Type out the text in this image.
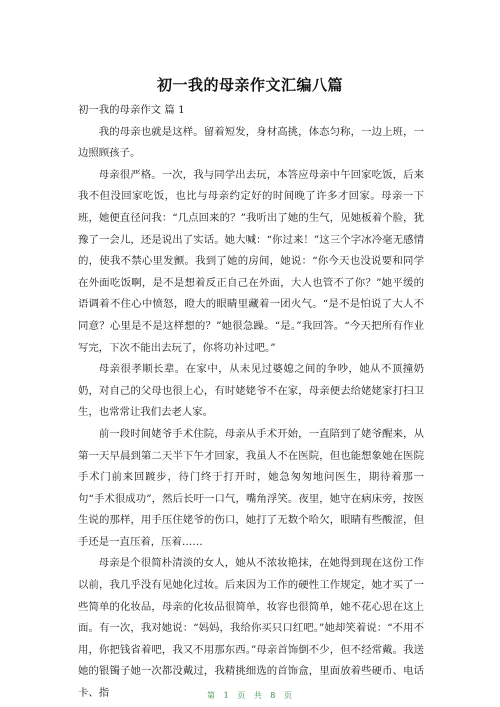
初一我的母亲作文汇编八篇

初一我的母亲作文 篇 1

我的母亲也就是这样。留着短发，身材高挑，体态匀称，一边上班，一边照顾孩子。

母亲很严格。一次，我与同学出去玩，本答应母亲中午回家吃饭，后来我不但没回家吃饭，也比与母亲约定好的时间晚了许多才回家。母亲一下班，她便直径问我：“几点回来的？”我听出了她的生气，见她板着个脸，犹豫了一会儿，还是说出了实话。她大喊：“你过来！”这三个字冰冷毫无感情的，使我不禁心里发颤。我到了她的房间，她说：“你今天也没说要和同学在外面吃饭啊，是不是想着反正自己在外面，大人也管不了你？”她平缓的语调着不住心中愤怒，瞪大的眼睛里藏着一团火气。“是不是怕说了大人不同意？心里是不是这样想的？”她很急躁。“是。”我回答。“今天把所有作业写完，下次不能出去玩了，你将功补过吧。”

母亲很孝顺长辈。在家中，从未见过婆媳之间的争吵，她从不顶撞奶奶，对自己的父母也很上心，有时姥姥爷不在家，母亲便去给姥姥家打扫卫生，也常常让我们去老人家。

前一段时间姥爷手术住院，母亲从手术开始，一直陪到了姥爷醒来，从第一天早晨到第二天半下午才回家，我虽人不在医院，但也能想象她在医院手术门前来回踱步，待门终于打开时，她急匆匆地问医生，期待着那一句“手术很成功”，然后长吁一口气，嘴角浮笑。夜里，她守在病床旁，按医生说的那样，用手压住姥爷的伤口，她打了无数个哈欠，眼睛有些酸涩，但手还是一直压着，压着……

母亲是个很简朴清淡的女人，她从不浓妆艳抹，在她得到现在这份工作以前，我几乎没有见她化过妆。后来因为工作的硬性工作规定，她才买了一些简单的化妆品，母亲的化妆品很简单，妆容也很简单，她不花心思在这上面。有一次，我对她说：“妈妈，我给你买只口红吧。”她却笑着说：“不用不用，你把钱省着吧，我又不用那东西。”母亲首饰倒不少，但不经常戴。我送她的银镯子她一次都没戴过，我精挑细选的首饰盒，里面放着些硬币、电话卡、指	第 1 页 共 8 页
